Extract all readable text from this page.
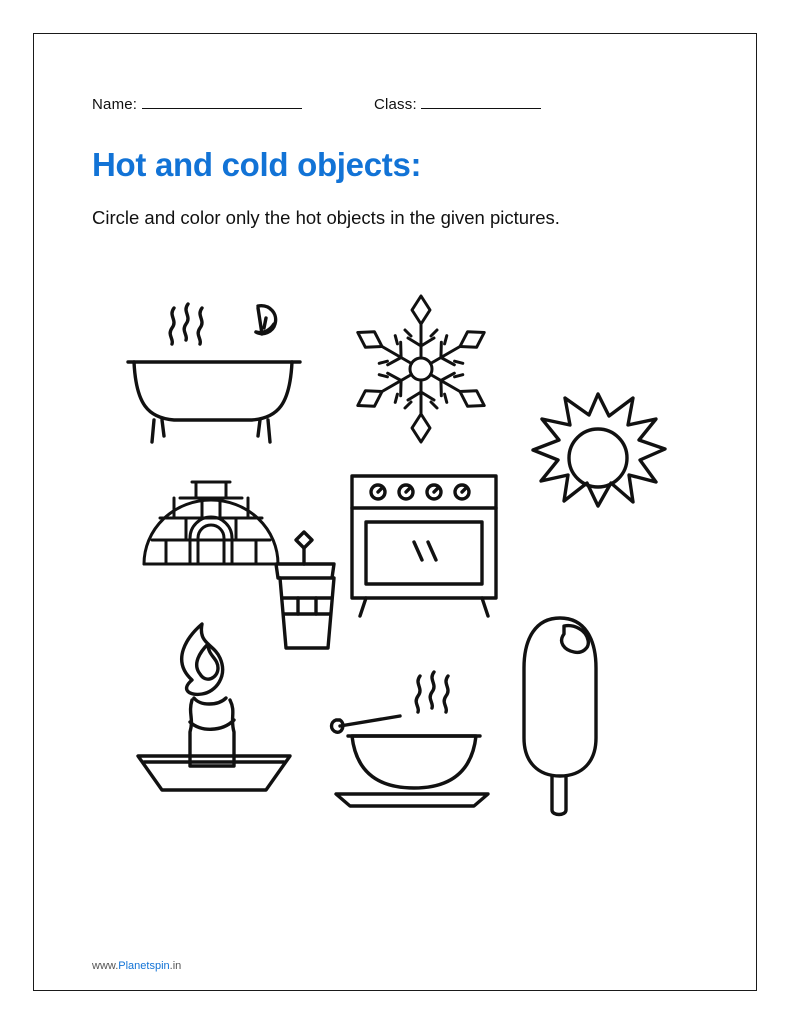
Name:	Class:
Hot and cold objects:

Circle and color only the hot objects in the given pictures.

www.Planetspin.in
